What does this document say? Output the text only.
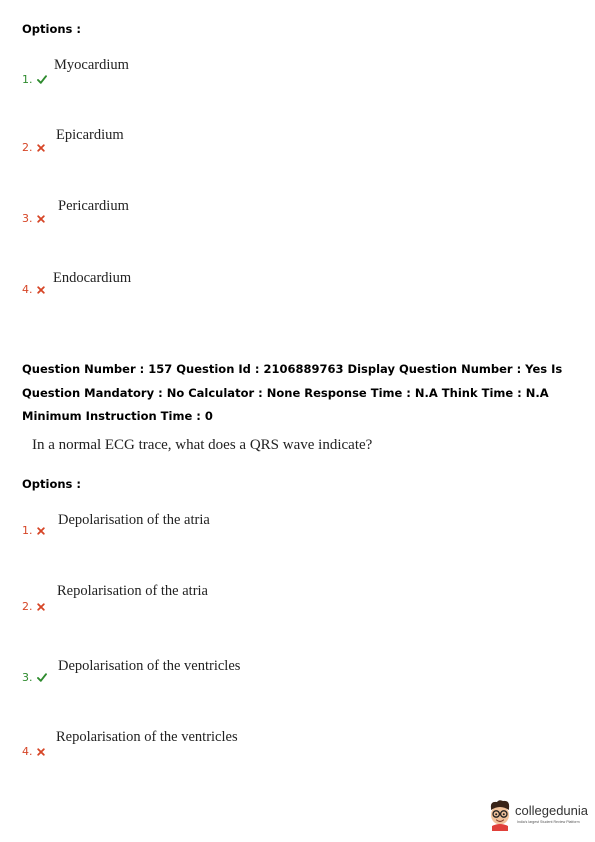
Options :
Myocardium
1.
Epicardium
2.
Pericardium
3.
Endocardium
4.
Question Number : 157 Question Id : 2106889763 Display Question Number : Yes Is Question Mandatory : No Calculator : None Response Time : N.A Think Time : N.A Minimum Instruction Time : 0
In a normal ECG trace, what does a QRS wave indicate?
Options :
Depolarisation of the atria
1.
Repolarisation of the atria
2.
Depolarisation of the ventricles
3.
Repolarisation of the ventricles
4.
collegedunia
India's largest Student Review Platform
